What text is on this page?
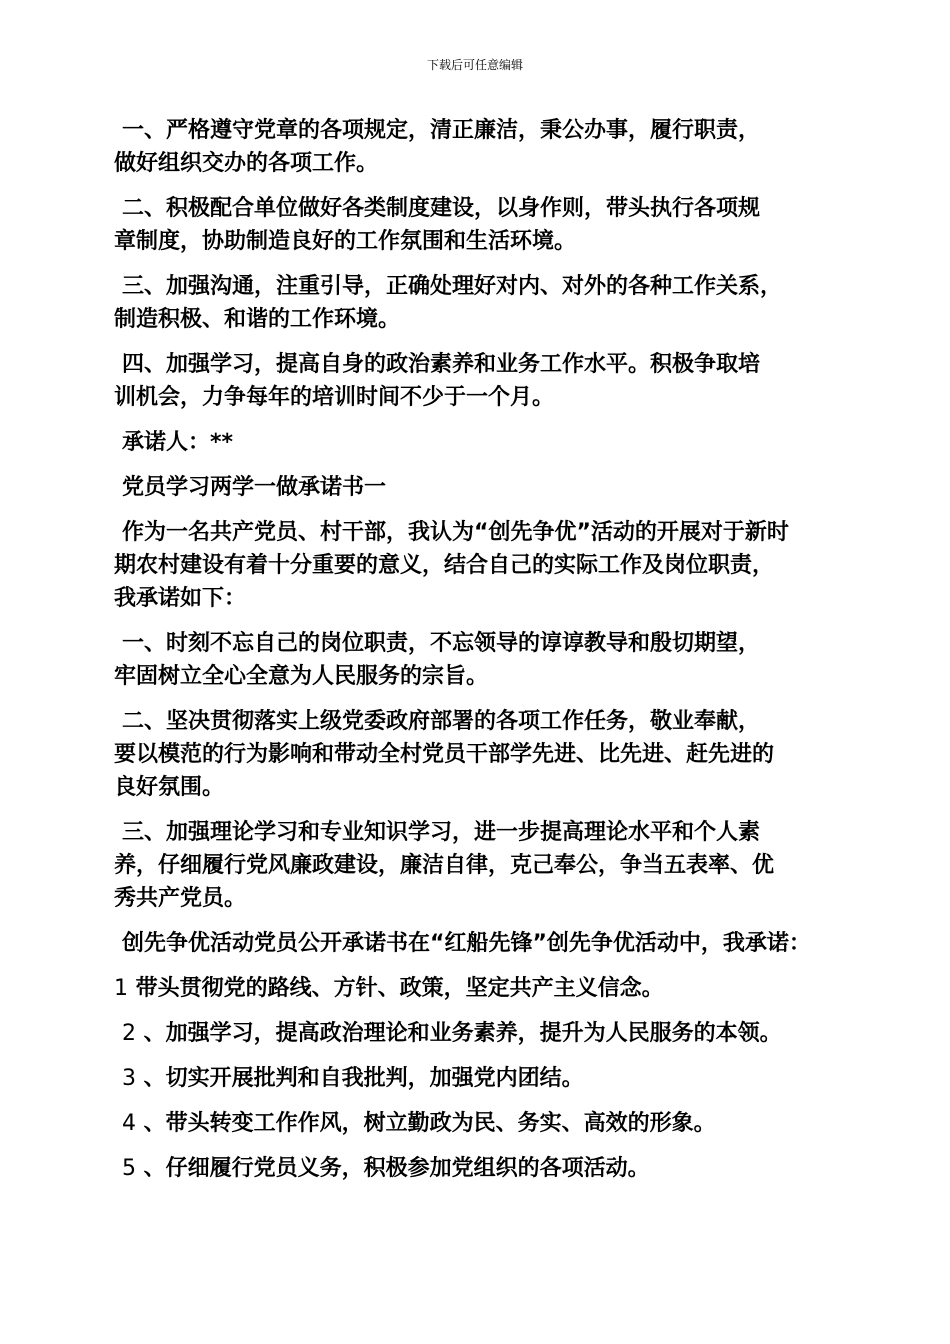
下载后可任意编辑
一、严格遵守党章的各项规定，清正廉洁，秉公办事，履行职责，
做好组织交办的各项工作。
二、积极配合单位做好各类制度建设，以身作则，带头执行各项规
章制度，协助制造良好的工作氛围和生活环境。
三、加强沟通，注重引导，正确处理好对内、对外的各种工作关系，
制造积极、和谐的工作环境。
四、加强学习，提高自身的政治素养和业务工作水平。积极争取培
训机会，力争每年的培训时间不少于一个月。
承诺人：**
党员学习两学一做承诺书一
作为一名共产党员、村干部，我认为“创先争优”活动的开展对于新时
期农村建设有着十分重要的意义，结合自己的实际工作及岗位职责，
我承诺如下：
一、时刻不忘自己的岗位职责，不忘领导的谆谆教导和殷切期望，
牢固树立全心全意为人民服务的宗旨。
二、坚决贯彻落实上级党委政府部署的各项工作任务，敬业奉献，
要以模范的行为影响和带动全村党员干部学先进、比先进、赶先进的
良好氛围。
三、加强理论学习和专业知识学习，进一步提高理论水平和个人素
养，仔细履行党风廉政建设，廉洁自律，克己奉公，争当五表率、优
秀共产党员。
创先争优活动党员公开承诺书在“红船先锋”创先争优活动中，我承诺：
1 带头贯彻党的路线、方针、政策，坚定共产主义信念。
2 、加强学习，提高政治理论和业务素养，提升为人民服务的本领。
3 、切实开展批判和自我批判，加强党内团结。
4 、带头转变工作作风，树立勤政为民、务实、高效的形象。
5 、仔细履行党员义务，积极参加党组织的各项活动。
